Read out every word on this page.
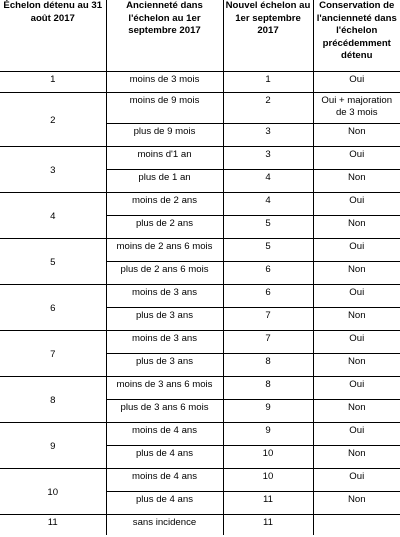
Échelon détenu au 31 août 2017	Ancienneté dans l'échelon au 1er septembre 2017	Nouvel échelon au 1er septembre 2017	Conservation de l'ancienneté dans l'échelon précédemment détenu
1	moins de 3 mois	1	Oui
2	moins de 9 mois	2	Oui + majoration de 3 mois
	plus de 9 mois	3	Non
3	moins d'1 an	3	Oui
	plus de 1 an	4	Non
4	moins de 2 ans	4	Oui
	plus de 2 ans	5	Non
5	moins de 2 ans 6 mois	5	Oui
	plus de 2 ans 6 mois	6	Non
6	moins de 3 ans	6	Oui
	plus de 3 ans	7	Non
7	moins de 3 ans	7	Oui
	plus de 3 ans	8	Non
8	moins de 3 ans 6 mois	8	Oui
	plus de 3 ans 6 mois	9	Non
9	moins de 4 ans	9	Oui
	plus de 4 ans	10	Non
10	moins de 4 ans	10	Oui
	plus de 4 ans	11	Non
11	sans incidence	11	
